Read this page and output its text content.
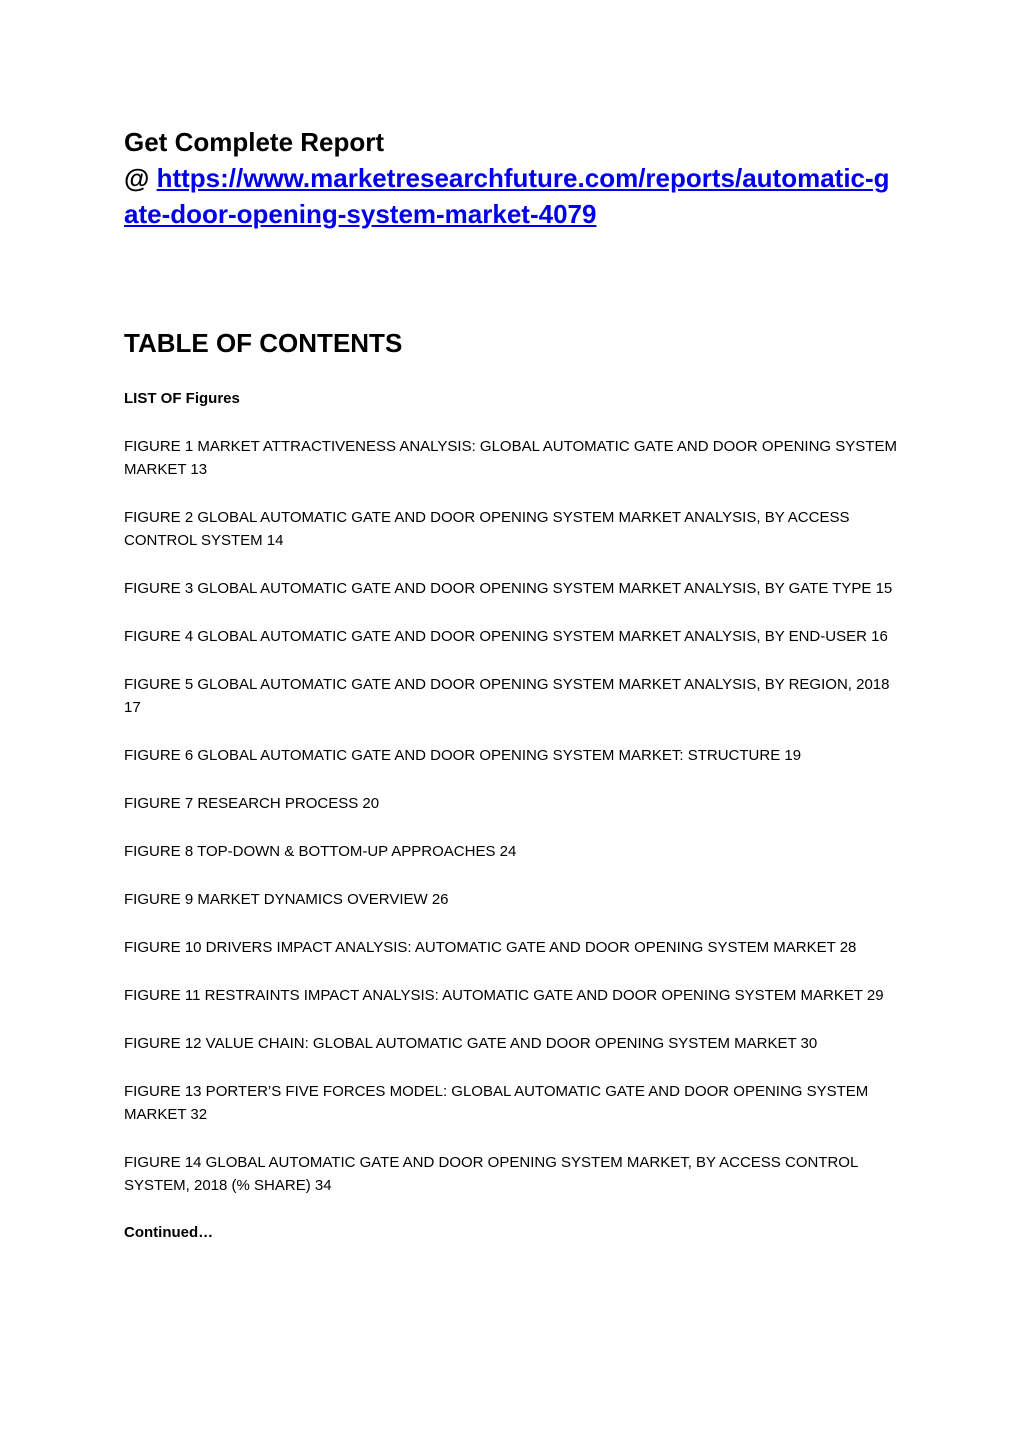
Get Complete Report

@ https://www.marketresearchfuture.com/reports/automatic-gate-door-opening-system-market-4079

TABLE OF CONTENTS

LIST OF Figures

FIGURE 1 MARKET ATTRACTIVENESS ANALYSIS: GLOBAL AUTOMATIC GATE AND DOOR OPENING SYSTEM MARKET 13
FIGURE 2 GLOBAL AUTOMATIC GATE AND DOOR OPENING SYSTEM MARKET ANALYSIS, BY ACCESS CONTROL SYSTEM 14
FIGURE 3 GLOBAL AUTOMATIC GATE AND DOOR OPENING SYSTEM MARKET ANALYSIS, BY GATE TYPE 15
FIGURE 4 GLOBAL AUTOMATIC GATE AND DOOR OPENING SYSTEM MARKET ANALYSIS, BY END-USER 16
FIGURE 5 GLOBAL AUTOMATIC GATE AND DOOR OPENING SYSTEM MARKET ANALYSIS, BY REGION, 2018 17
FIGURE 6 GLOBAL AUTOMATIC GATE AND DOOR OPENING SYSTEM MARKET: STRUCTURE 19
FIGURE 7 RESEARCH PROCESS 20
FIGURE 8 TOP-DOWN & BOTTOM-UP APPROACHES 24
FIGURE 9 MARKET DYNAMICS OVERVIEW 26
FIGURE 10 DRIVERS IMPACT ANALYSIS: AUTOMATIC GATE AND DOOR OPENING SYSTEM MARKET 28
FIGURE 11 RESTRAINTS IMPACT ANALYSIS: AUTOMATIC GATE AND DOOR OPENING SYSTEM MARKET 29
FIGURE 12 VALUE CHAIN: GLOBAL AUTOMATIC GATE AND DOOR OPENING SYSTEM MARKET 30
FIGURE 13 PORTER’S FIVE FORCES MODEL: GLOBAL AUTOMATIC GATE AND DOOR OPENING SYSTEM MARKET 32
FIGURE 14 GLOBAL AUTOMATIC GATE AND DOOR OPENING SYSTEM MARKET, BY ACCESS CONTROL SYSTEM, 2018 (% SHARE) 34

Continued…
